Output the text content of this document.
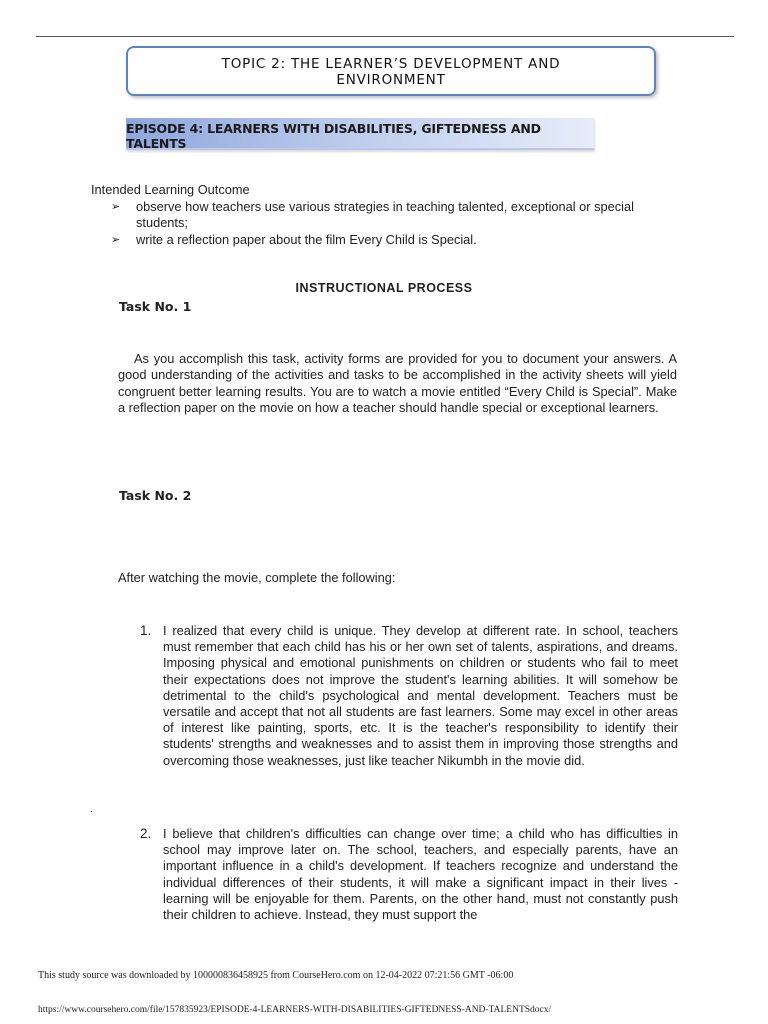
TOPIC 2: THE LEARNER’S DEVELOPMENT AND
ENVIRONMENT
EPISODE 4: LEARNERS WITH DISABILITIES, GIFTEDNESS AND TALENTS
Intended Learning Outcome
➢ observe how teachers use various strategies in teaching talented, exceptional or special students;
➢ write a reflection paper about the film Every Child is Special.
INSTRUCTIONAL PROCESS
Task No. 1

As you accomplish this task, activity forms are provided for you to document your answers. A good understanding of the activities and tasks to be accomplished in the activity sheets will yield congruent better learning results. You are to watch a movie entitled “Every Child is Special”. Make a reflection paper on the movie on how a teacher should handle special or exceptional learners.

Task No. 2

After watching the movie, complete the following:

1. I realized that every child is unique. They develop at different rate. In school, teachers must remember that each child has his or her own set of talents, aspirations, and dreams. Imposing physical and emotional punishments on children or students who fail to meet their expectations does not improve the student's learning abilities. It will somehow be detrimental to the child's psychological and mental development. Teachers must be versatile and accept that not all students are fast learners. Some may excel in other areas of interest like painting, sports, etc. It is the teacher's responsibility to identify their students' strengths and weaknesses and to assist them in improving those strengths and overcoming those weaknesses, just like teacher Nikumbh in the movie did.
.
2. I believe that children's difficulties can change over time; a child who has difficulties in school may improve later on. The school, teachers, and especially parents, have an important influence in a child's development. If teachers recognize and understand the individual differences of their students, it will make a significant impact in their lives - learning will be enjoyable for them. Parents, on the other hand, must not constantly push their children to achieve. Instead, they must support the
This study source was downloaded by 100000836458925 from CourseHero.com on 12-04-2022 07:21:56 GMT -06:00
https://www.coursehero.com/file/157835923/EPISODE-4-LEARNERS-WITH-DISABILITIES-GIFTEDNESS-AND-TALENTSdocx/
